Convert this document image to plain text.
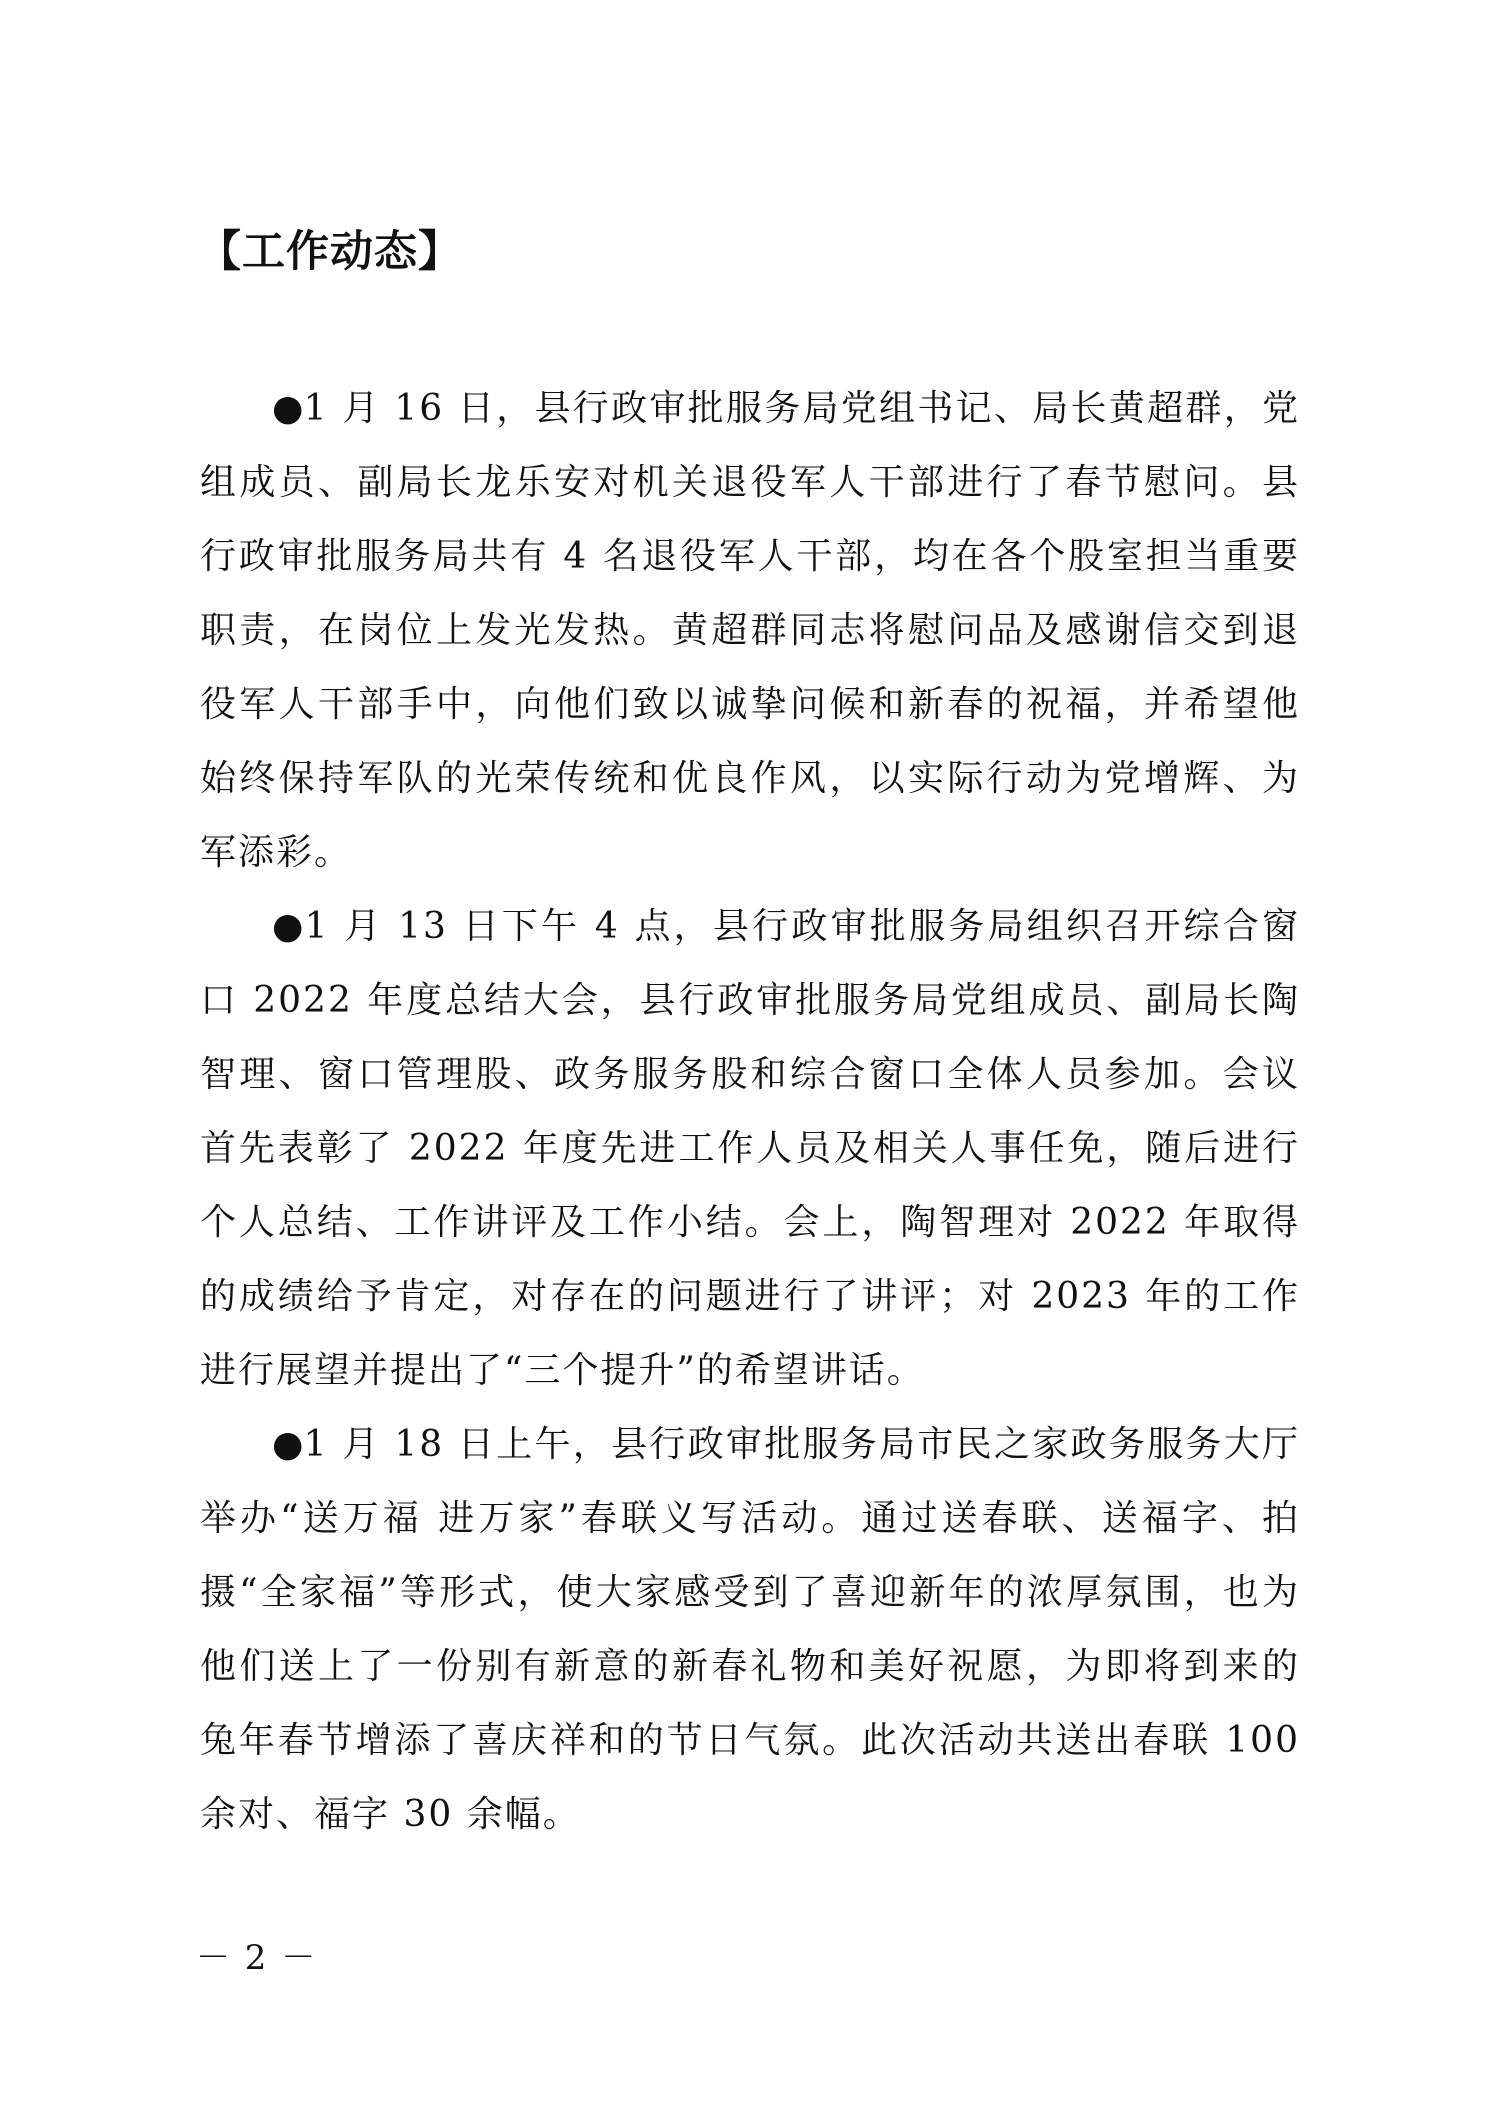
【工作动态】

●1 月 16 日，县行政审批服务局党组书记、局长黄超群，党组成员、副局长龙乐安对机关退役军人干部进行了春节慰问。县行政审批服务局共有 4 名退役军人干部，均在各个股室担当重要职责，在岗位上发光发热。黄超群同志将慰问品及感谢信交到退役军人干部手中，向他们致以诚挚问候和新春的祝福，并希望他始终保持军队的光荣传统和优良作风，以实际行动为党增辉、为军添彩。

●1 月 13 日下午 4 点，县行政审批服务局组织召开综合窗口 2022 年度总结大会，县行政审批服务局党组成员、副局长陶智理、窗口管理股、政务服务股和综合窗口全体人员参加。会议首先表彰了 2022 年度先进工作人员及相关人事任免，随后进行个人总结、工作讲评及工作小结。会上，陶智理对 2022 年取得的成绩给予肯定，对存在的问题进行了讲评；对 2023 年的工作进行展望并提出了“三个提升”的希望讲话。

●1 月 18 日上午，县行政审批服务局市民之家政务服务大厅举办“送万福 进万家”春联义写活动。通过送春联、送福字、拍摄“全家福”等形式，使大家感受到了喜迎新年的浓厚氛围，也为他们送上了一份别有新意的新春礼物和美好祝愿，为即将到来的兔年春节增添了喜庆祥和的节日气氛。此次活动共送出春联 100 余对、福字 30 余幅。

－ 2 －
